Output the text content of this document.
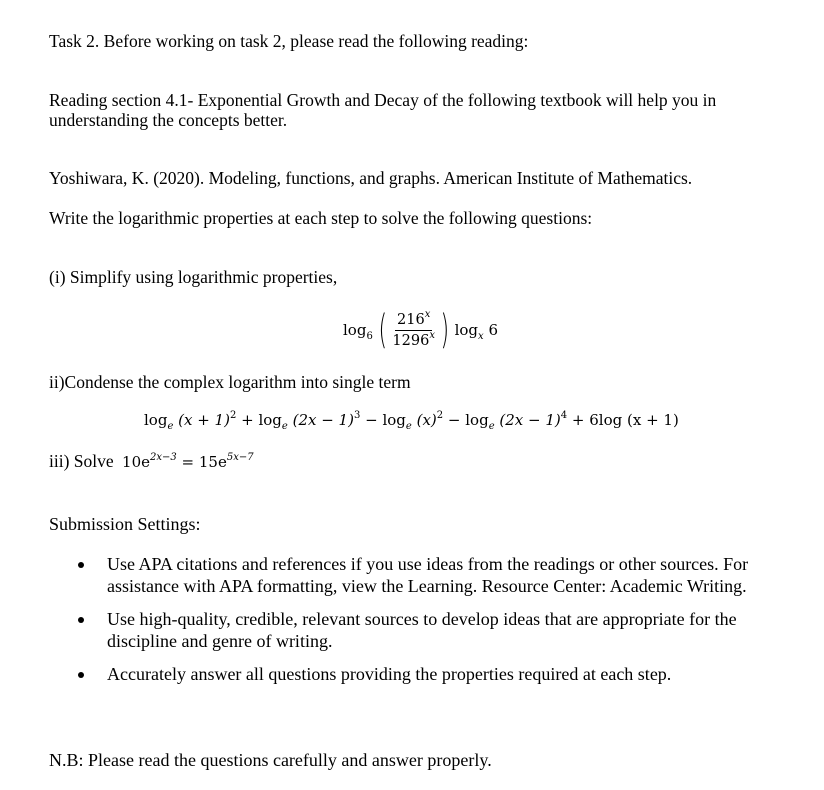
Task 2. Before working on task 2, please read the following reading:
Reading section 4.1- Exponential Growth and Decay of the following textbook will help you in understanding the concepts better.
Yoshiwara, K. (2020). Modeling, functions, and graphs. American Institute of Mathematics.
Write the logarithmic properties at each step to solve the following questions:
(i) Simplify using logarithmic properties,
$\log_6$ ( $\frac{216^x}{1296^x}$ ) $\log_x 6$
ii)Condense the complex logarithm into single term
$\log_e (x + 1)^2 + \log_e (2x - 1)^3 - \log_e (x)^2 - \log_e (2x - 1)^4 + 6\log$ (x + 1)
iii) Solve $10e^{2x-3} = 15e^{5x-7}$
Submission Settings:
Use APA citations and references if you use ideas from the readings or other sources. For assistance with APA formatting, view the Learning. Resource Center: Academic Writing.
Use high-quality, credible, relevant sources to develop ideas that are appropriate for the discipline and genre of writing.
Accurately answer all questions providing the properties required at each step.
N.B: Please read the questions carefully and answer properly.
